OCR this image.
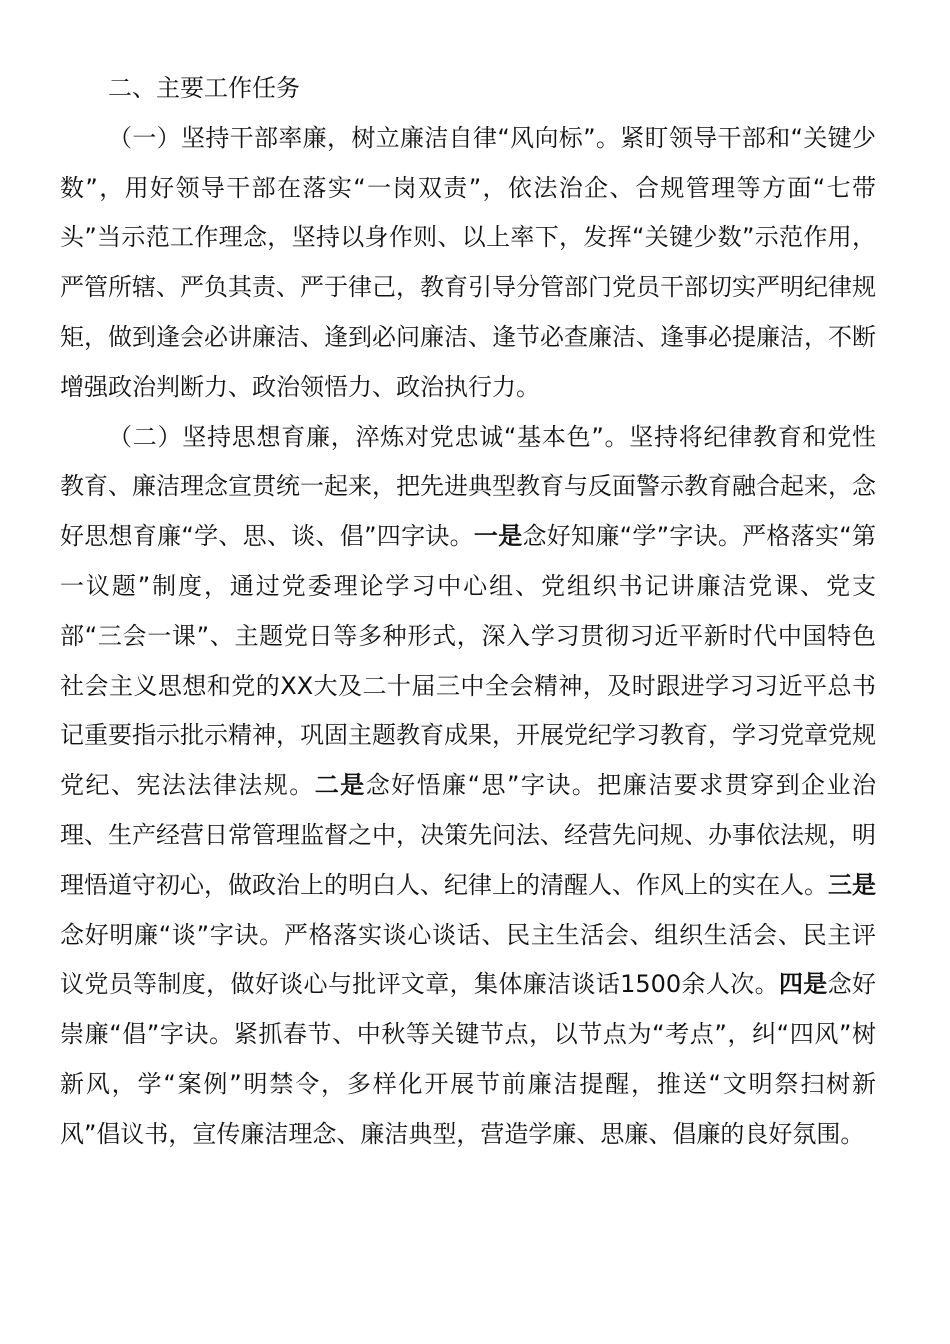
二、主要工作任务

（一）坚持干部率廉，树立廉洁自律“风向标”。紧盯领导干部和“关键少数”，用好领导干部在落实“一岗双责”，依法治企、合规管理等方面“七带头”当示范工作理念，坚持以身作则、以上率下，发挥“关键少数”示范作用，严管所辖、严负其责、严于律己，教育引导分管部门党员干部切实严明纪律规矩，做到逢会必讲廉洁、逢到必问廉洁、逢节必查廉洁、逢事必提廉洁，不断增强政治判断力、政治领悟力、政治执行力。

（二）坚持思想育廉，淬炼对党忠诚“基本色”。坚持将纪律教育和党性教育、廉洁理念宣贯统一起来，把先进典型教育与反面警示教育融合起来，念好思想育廉“学、思、谈、倡”四字诀。一是念好知廉“学”字诀。严格落实“第一议题”制度，通过党委理论学习中心组、党组织书记讲廉洁党课、党支部“三会一课”、主题党日等多种形式，深入学习贯彻习近平新时代中国特色社会主义思想和党的XX大及二十届三中全会精神，及时跟进学习习近平总书记重要指示批示精神，巩固主题教育成果，开展党纪学习教育，学习党章党规党纪、宪法法律法规。二是念好悟廉“思”字诀。把廉洁要求贯穿到企业治理、生产经营日常管理监督之中，决策先问法、经营先问规、办事依法规，明理悟道守初心，做政治上的明白人、纪律上的清醒人、作风上的实在人。三是念好明廉“谈”字诀。严格落实谈心谈话、民主生活会、组织生活会、民主评议党员等制度，做好谈心与批评文章，集体廉洁谈话1500余人次。四是念好崇廉“倡”字诀。紧抓春节、中秋等关键节点，以节点为“考点”，纠“四风”树新风，学“案例”明禁令，多样化开展节前廉洁提醒，推送“文明祭扫树新风”倡议书，宣传廉洁理念、廉洁典型，营造学廉、思廉、倡廉的良好氛围。
